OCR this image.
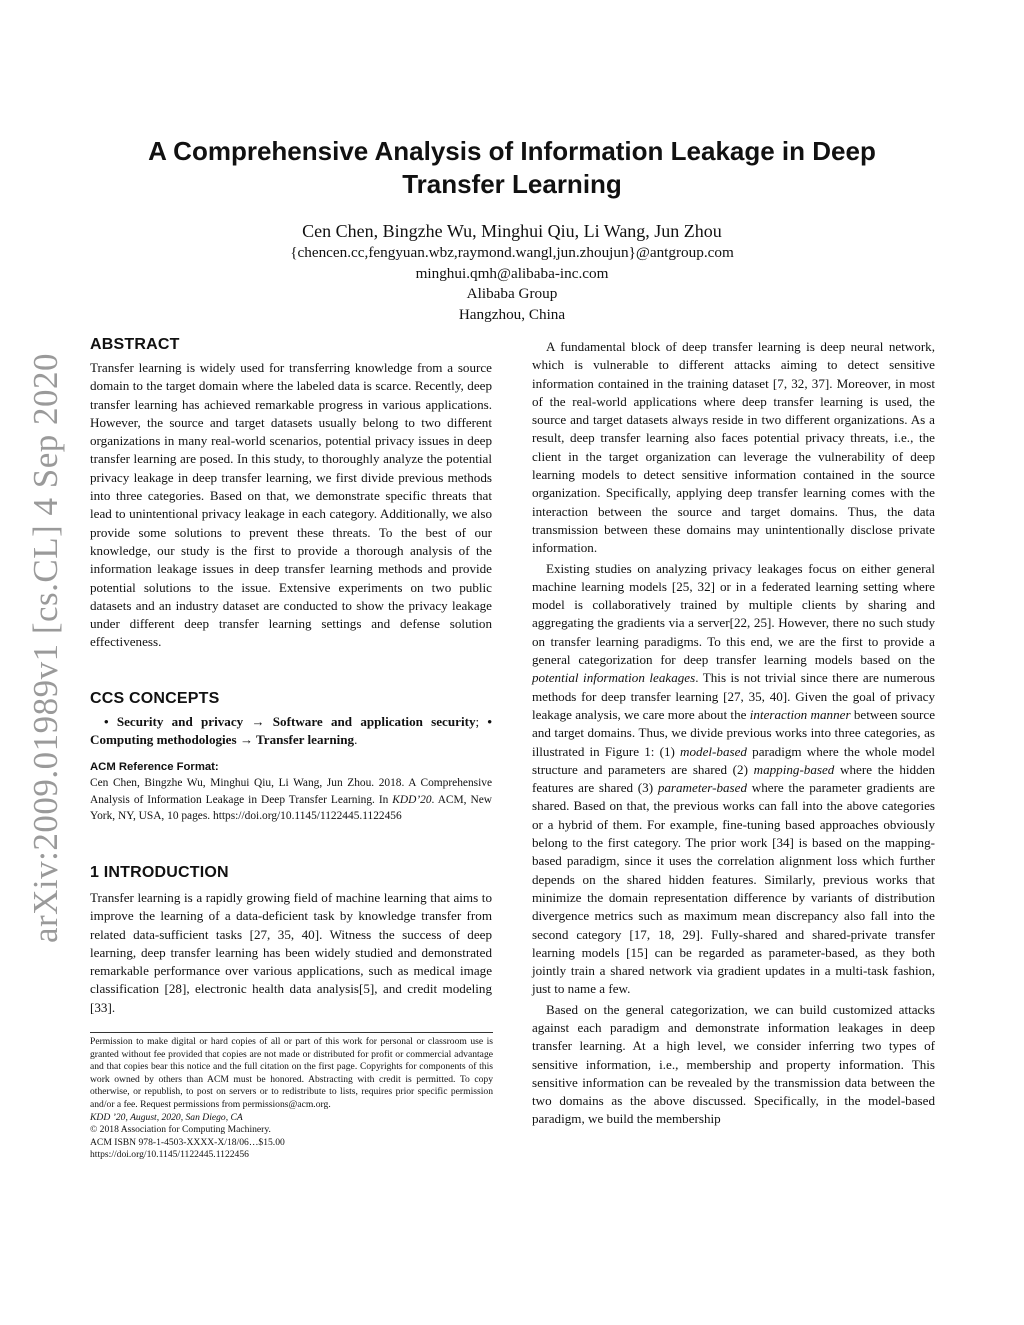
arXiv:2009.01989v1 [cs.CL] 4 Sep 2020
A Comprehensive Analysis of Information Leakage in Deep
Transfer Learning
Cen Chen, Bingzhe Wu, Minghui Qiu, Li Wang, Jun Zhou
{chencen.cc,fengyuan.wbz,raymond.wangl,jun.zhoujun}@antgroup.com
minghui.qmh@alibaba-inc.com
Alibaba Group
Hangzhou, China
ABSTRACT

Transfer learning is widely used for transferring knowledge from a source domain to the target domain where the labeled data is scarce. Recently, deep transfer learning has achieved remarkable progress in various applications. However, the source and target datasets usually belong to two different organizations in many real-world scenarios, potential privacy issues in deep transfer learning are posed. In this study, to thoroughly analyze the potential privacy leakage in deep transfer learning, we first divide previous methods into three categories. Based on that, we demonstrate specific threats that lead to unintentional privacy leakage in each category. Additionally, we also provide some solutions to prevent these threats. To the best of our knowledge, our study is the first to provide a thorough analysis of the information leakage issues in deep transfer learning methods and provide potential solutions to the issue. Extensive experiments on two public datasets and an industry dataset are conducted to show the privacy leakage under different deep transfer learning settings and defense solution effectiveness.

CCS CONCEPTS

• Security and privacy → Software and application security; • Computing methodologies → Transfer learning.

ACM Reference Format:

Cen Chen, Bingzhe Wu, Minghui Qiu, Li Wang, Jun Zhou. 2018. A Comprehensive Analysis of Information Leakage in Deep Transfer Learning. In KDD’20. ACM, New York, NY, USA, 10 pages. https://doi.org/10.1145/1122445.1122456

1 INTRODUCTION

Transfer learning is a rapidly growing field of machine learning that aims to improve the learning of a data-deficient task by knowledge transfer from related data-sufficient tasks [27, 35, 40]. Witness the success of deep learning, deep transfer learning has been widely studied and demonstrated remarkable performance over various applications, such as medical image classification [28], electronic health data analysis[5], and credit modeling [33].

Permission to make digital or hard copies of all or part of this work for personal or classroom use is granted without fee provided that copies are not made or distributed for profit or commercial advantage and that copies bear this notice and the full citation on the first page. Copyrights for components of this work owned by others than ACM must be honored. Abstracting with credit is permitted. To copy otherwise, or republish, to post on servers or to redistribute to lists, requires prior specific permission and/or a fee. Request permissions from permissions@acm.org.

KDD ’20, August, 2020, San Diego, CA

© 2018 Association for Computing Machinery.

ACM ISBN 978-1-4503-XXXX-X/18/06…$15.00

https://doi.org/10.1145/1122445.1122456

A fundamental block of deep transfer learning is deep neural network, which is vulnerable to different attacks aiming to detect sensitive information contained in the training dataset [7, 32, 37]. Moreover, in most of the real-world applications where deep transfer learning is used, the source and target datasets always reside in two different organizations. As a result, deep transfer learning also faces potential privacy threats, i.e., the client in the target organization can leverage the vulnerability of deep learning models to detect sensitive information contained in the source organization. Specifically, applying deep transfer learning comes with the interaction between the source and target domains. Thus, the data transmission between these domains may unintentionally disclose private information.

Existing studies on analyzing privacy leakages focus on either general machine learning models [25, 32] or in a federated learning setting where model is collaboratively trained by multiple clients by sharing and aggregating the gradients via a server[22, 25]. However, there no such study on transfer learning paradigms. To this end, we are the first to provide a general categorization for deep transfer learning models based on the potential information leakages. This is not trivial since there are numerous methods for deep transfer learning [27, 35, 40]. Given the goal of privacy leakage analysis, we care more about the interaction manner between source and target domains. Thus, we divide previous works into three categories, as illustrated in Figure 1: (1) model-based paradigm where the whole model structure and parameters are shared (2) mapping-based where the hidden features are shared (3) parameter-based where the parameter gradients are shared. Based on that, the previous works can fall into the above categories or a hybrid of them. For example, fine-tuning based approaches obviously belong to the first category. The prior work [34] is based on the mapping-based paradigm, since it uses the correlation alignment loss which further depends on the shared hidden features. Similarly, previous works that minimize the domain representation difference by variants of distribution divergence metrics such as maximum mean discrepancy also fall into the second category [17, 18, 29]. Fully-shared and shared-private transfer learning models [15] can be regarded as parameter-based, as they both jointly train a shared network via gradient updates in a multi-task fashion, just to name a few.

Based on the general categorization, we can build customized attacks against each paradigm and demonstrate information leakages in deep transfer learning. At a high level, we consider inferring two types of sensitive information, i.e., membership and property information. This sensitive information can be revealed by the transmission data between the two domains as the above discussed. Specifically, in the model-based paradigm, we build the membership
